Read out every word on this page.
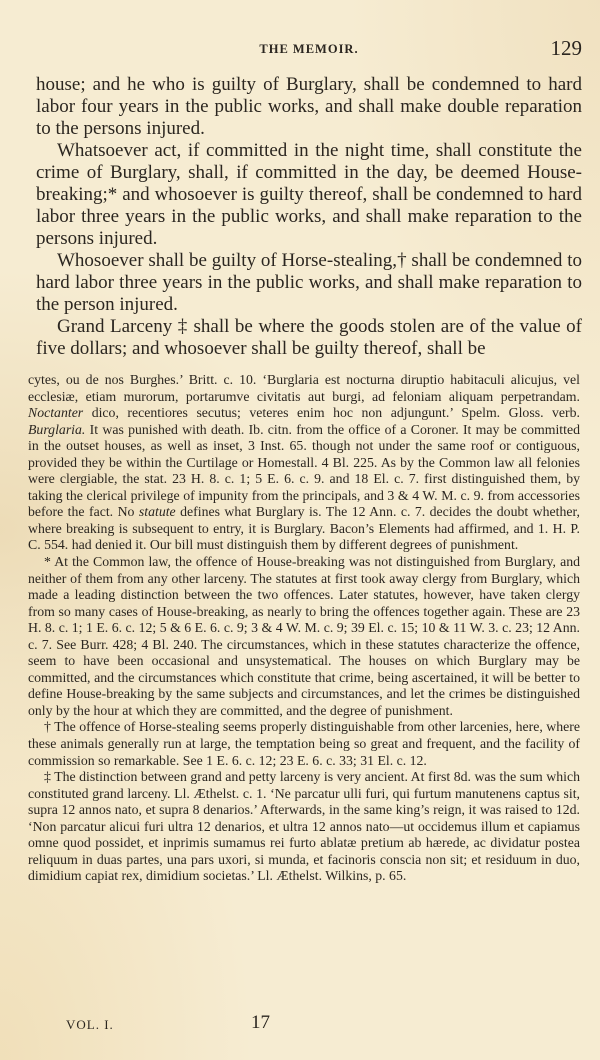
THE MEMOIR.	129

house; and he who is guilty of Burglary, shall be condemned to hard labor four years in the public works, and shall make double reparation to the persons injured.

Whatsoever act, if committed in the night time, shall constitute the crime of Burglary, shall, if committed in the day, be deemed House-breaking;* and whosoever is guilty thereof, shall be condemned to hard labor three years in the public works, and shall make reparation to the persons injured.

Whosoever shall be guilty of Horse-stealing,† shall be condemned to hard labor three years in the public works, and shall make reparation to the person injured.

Grand Larceny ‡ shall be where the goods stolen are of the value of five dollars; and whosoever shall be guilty thereof, shall be

cytes, ou de nos Burghes.’ Britt. c. 10. ‘Burglaria est nocturna diruptio habitaculi alicujus, vel ecclesiæ, etiam murorum, portarumve civitatis aut burgi, ad feloniam aliquam perpetrandam. Noctanter dico, recentiores secutus; veteres enim hoc non adjungunt.’ Spelm. Gloss. verb. Burglaria. It was punished with death. Ib. citn. from the office of a Coroner. It may be committed in the outset houses, as well as inset, 3 Inst. 65. though not under the same roof or contiguous, provided they be within the Curtilage or Homestall. 4 Bl. 225. As by the Common law all felonies were clergiable, the stat. 23 H. 8. c. 1; 5 E. 6. c. 9. and 18 El. c. 7. first distinguished them, by taking the clerical privilege of impunity from the principals, and 3 & 4 W. M. c. 9. from accessories before the fact. No statute defines what Burglary is. The 12 Ann. c. 7. decides the doubt whether, where breaking is subsequent to entry, it is Burglary. Bacon’s Elements had affirmed, and 1. H. P. C. 554. had denied it. Our bill must distinguish them by different degrees of punishment.

* At the Common law, the offence of House-breaking was not distinguished from Burglary, and neither of them from any other larceny. The statutes at first took away clergy from Burglary, which made a leading distinction between the two offences. Later statutes, however, have taken clergy from so many cases of House-breaking, as nearly to bring the offences together again. These are 23 H. 8. c. 1; 1 E. 6. c. 12; 5 & 6 E. 6. c. 9; 3 & 4 W. M. c. 9; 39 El. c. 15; 10 & 11 W. 3. c. 23; 12 Ann. c. 7. See Burr. 428; 4 Bl. 240. The circumstances, which in these statutes characterize the offence, seem to have been occasional and unsystematical. The houses on which Burglary may be committed, and the circumstances which constitute that crime, being ascertained, it will be better to define House-breaking by the same subjects and circumstances, and let the crimes be distinguished only by the hour at which they are committed, and the degree of punishment.

† The offence of Horse-stealing seems properly distinguishable from other larcenies, here, where these animals generally run at large, the temptation being so great and frequent, and the facility of commission so remarkable. See 1 E. 6. c. 12; 23 E. 6. c. 33; 31 El. c. 12.

‡ The distinction between grand and petty larceny is very ancient. At first 8d. was the sum which constituted grand larceny. Ll. Æthelst. c. 1. ‘Ne parcatur ulli furi, qui furtum manutenens captus sit, supra 12 annos nato, et supra 8 denarios.’ Afterwards, in the same king’s reign, it was raised to 12d. ‘Non parcatur alicui furi ultra 12 denarios, et ultra 12 annos nato—ut occidemus illum et capiamus omne quod possidet, et inprimis sumamus rei furto ablatæ pretium ab hærede, ac dividatur postea reliquum in duas partes, una pars uxori, si munda, et facinoris conscia non sit; et residuum in duo, dimidium capiat rex, dimidium societas.’ Ll. Æthelst. Wilkins, p. 65.

VOL. I.	17
